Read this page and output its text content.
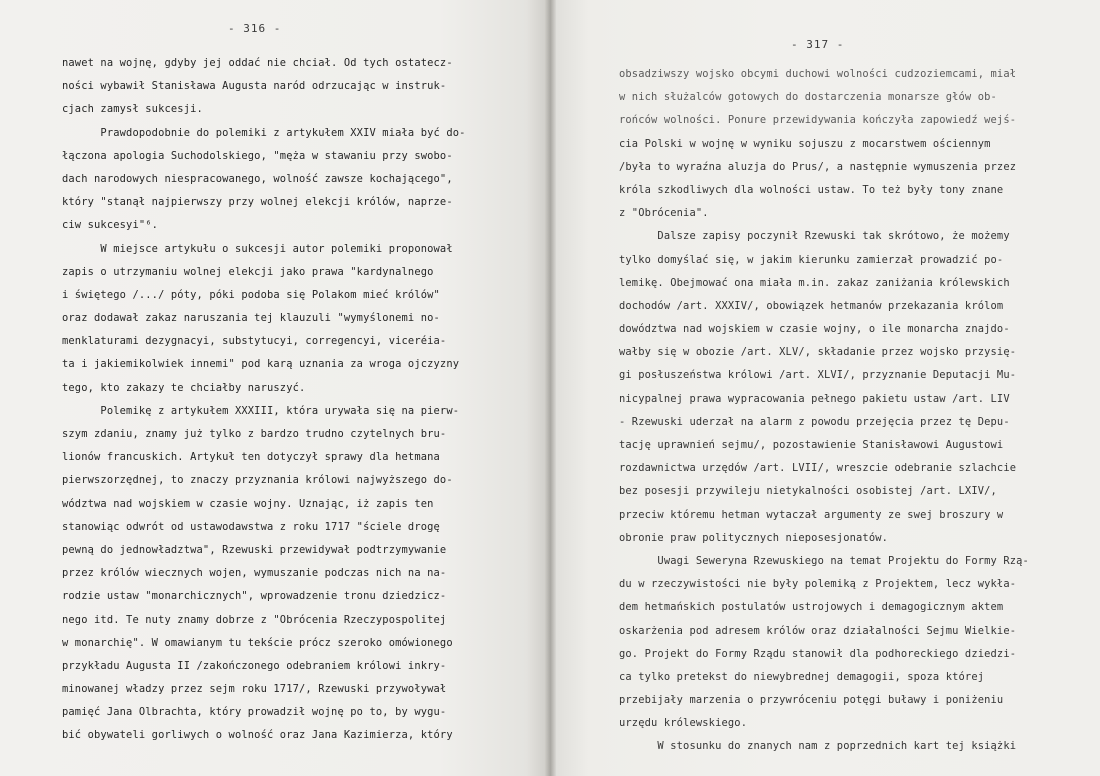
- 316 -
nawet na wojnę, gdyby jej oddać nie chciał. Od tych ostatecz-
ności wybawił Stanisława Augusta naród odrzucając w instruk-
cjach zamysł sukcesji.
Prawdopodobnie do polemiki z artykułem XXIV miała być do-
łączona apologia Suchodolskiego, "męża w stawaniu przy swobo-
dach narodowych niespracowanego, wolność zawsze kochającego",
który "stanął najpierwszy przy wolnej elekcji królów, naprze-
ciw sukcesyi"⁶.
W miejsce artykułu o sukcesji autor polemiki proponował
zapis o utrzymaniu wolnej elekcji jako prawa "kardynalnego
i świętego /.../ póty, póki podoba się Polakom mieć królów"
oraz dodawał zakaz naruszania tej klauzuli "wymyślonemi no-
menklaturami dezygnacyi, substytucyi, corregencyi, viceréia-
ta i jakiemikolwiek innemi" pod karą uznania za wroga ojczyzny
tego, kto zakazy te chciałby naruszyć.
Polemikę z artykułem XXXIII, która urywała się na pierw-
szym zdaniu, znamy już tylko z bardzo trudno czytelnych bru-
lionów francuskich. Artykuł ten dotyczył sprawy dla hetmana
pierwszorzędnej, to znaczy przyznania królowi najwyższego do-
wództwa nad wojskiem w czasie wojny. Uznając, iż zapis ten
stanowiąc odwrót od ustawodawstwa z roku 1717 "ściele drogę
pewną do jednowładztwa", Rzewuski przewidywał podtrzymywanie
przez królów wiecznych wojen, wymuszanie podczas nich na na-
rodzie ustaw "monarchicznych", wprowadzenie tronu dziedzicz-
nego itd. Te nuty znamy dobrze z "Obrócenia Rzeczypospolitej
w monarchię". W omawianym tu tekście prócz szeroko omówionego
przykładu Augusta II /zakończonego odebraniem królowi inkry-
minowanej władzy przez sejm roku 1717/, Rzewuski przywoływał
pamięć Jana Olbrachta, który prowadził wojnę po to, by wygu-
bić obywateli gorliwych o wolność oraz Jana Kazimierza, który
- 317 -
obsadziwszy wojsko obcymi duchowi wolności cudzoziemcami, miał
w nich służalców gotowych do dostarczenia monarsze głów ob-
rońców wolności. Ponure przewidywania kończyła zapowiedź wejś-
cia Polski w wojnę w wyniku sojuszu z mocarstwem ościennym
/była to wyraźna aluzja do Prus/, a następnie wymuszenia przez
króla szkodliwych dla wolności ustaw. To też były tony znane
z "Obrócenia".
Dalsze zapisy poczynił Rzewuski tak skrótowo, że możemy
tylko domyślać się, w jakim kierunku zamierzał prowadzić po-
lemikę. Obejmować ona miała m.in. zakaz zaniżania królewskich
dochodów /art. XXXIV/, obowiązek hetmanów przekazania królom
dowództwa nad wojskiem w czasie wojny, o ile monarcha znajdo-
wałby się w obozie /art. XLV/, składanie przez wojsko przysię-
gi posłuszeństwa królowi /art. XLVI/, przyznanie Deputacji Mu-
nicypalnej prawa wypracowania pełnego pakietu ustaw /art. LIV
- Rzewuski uderzał na alarm z powodu przejęcia przez tę Depu-
tację uprawnień sejmu/, pozostawienie Stanisławowi Augustowi
rozdawnictwa urzędów /art. LVII/, wreszcie odebranie szlachcie
bez posesji przywileju nietykalności osobistej /art. LXIV/,
przeciw któremu hetman wytaczał argumenty ze swej broszury w
obronie praw politycznych nieposesjonatów.
Uwagi Seweryna Rzewuskiego na temat Projektu do Formy Rzą-
du w rzeczywistości nie były polemiką z Projektem, lecz wykła-
dem hetmańskich postulatów ustrojowych i demagogicznym aktem
oskarżenia pod adresem królów oraz działalności Sejmu Wielkie-
go. Projekt do Formy Rządu stanowił dla podhoreckiego dziedzi-
ca tylko pretekst do niewybrednej demagogii, spoza której
przebijały marzenia o przywróceniu potęgi buławy i poniżeniu
urzędu królewskiego.
W stosunku do znanych nam z poprzednich kart tej książki
